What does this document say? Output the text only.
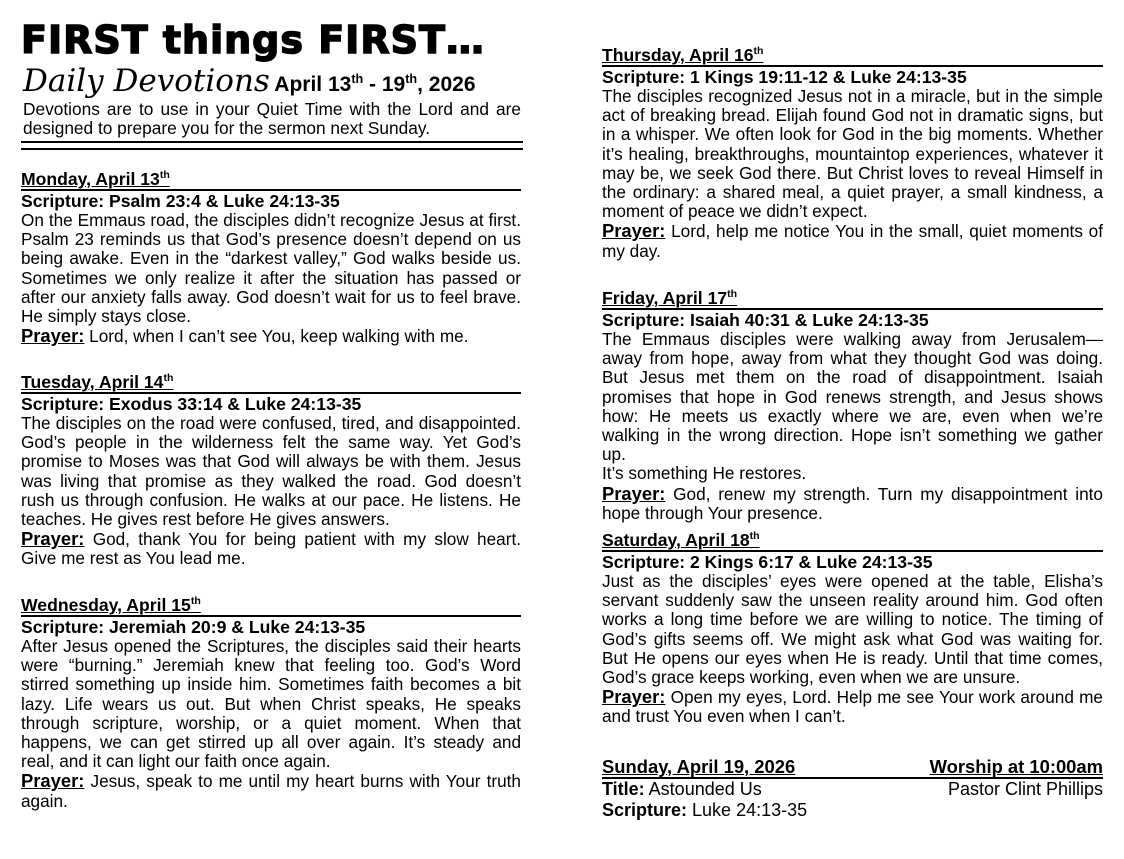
FIRST things FIRST…
Daily Devotions April 13th - 19th, 2026
Devotions are to use in your Quiet Time with the Lord and are designed to prepare you for the sermon next Sunday.
Monday, April 13th
Scripture: Psalm 23:4 & Luke 24:13-35
On the Emmaus road, the disciples didn’t recognize Jesus at first. Psalm 23 reminds us that God’s presence doesn’t depend on us being awake. Even in the “darkest valley,” God walks beside us. Sometimes we only realize it after the situation has passed or after our anxiety falls away. God doesn’t wait for us to feel brave. He simply stays close.
Prayer: Lord, when I can’t see You, keep walking with me.
Tuesday, April 14th
Scripture: Exodus 33:14 & Luke 24:13-35
The disciples on the road were confused, tired, and disappointed. God’s people in the wilderness felt the same way. Yet God’s promise to Moses was that God will always be with them. Jesus was living that promise as they walked the road. God doesn’t rush us through confusion. He walks at our pace. He listens. He teaches. He gives rest before He gives answers.
Prayer: God, thank You for being patient with my slow heart. Give me rest as You lead me.
Wednesday, April 15th
Scripture: Jeremiah 20:9 & Luke 24:13-35
After Jesus opened the Scriptures, the disciples said their hearts were “burning.” Jeremiah knew that feeling too. God’s Word stirred something up inside him. Sometimes faith becomes a bit lazy. Life wears us out. But when Christ speaks, He speaks through scripture, worship, or a quiet moment. When that happens, we can get stirred up all over again. It’s steady and real, and it can light our faith once again.
Prayer: Jesus, speak to me until my heart burns with Your truth again.
Thursday, April 16th
Scripture: 1 Kings 19:11-12 & Luke 24:13-35
The disciples recognized Jesus not in a miracle, but in the simple act of breaking bread. Elijah found God not in dramatic signs, but in a whisper. We often look for God in the big moments. Whether it’s healing, breakthroughs, mountaintop experiences, whatever it may be, we seek God there. But Christ loves to reveal Himself in the ordinary: a shared meal, a quiet prayer, a small kindness, a moment of peace we didn’t expect.
Prayer: Lord, help me notice You in the small, quiet moments of my day.
Friday, April 17th
Scripture: Isaiah 40:31 & Luke 24:13-35
The Emmaus disciples were walking away from Jerusalem—away from hope, away from what they thought God was doing. But Jesus met them on the road of disappointment. Isaiah promises that hope in God renews strength, and Jesus shows how: He meets us exactly where we are, even when we’re walking in the wrong direction. Hope isn’t something we gather up.
It’s something He restores.
Prayer: God, renew my strength. Turn my disappointment into hope through Your presence.
Saturday, April 18th
Scripture: 2 Kings 6:17 & Luke 24:13-35
Just as the disciples’ eyes were opened at the table, Elisha’s servant suddenly saw the unseen reality around him. God often works a long time before we are willing to notice. The timing of God’s gifts seems off. We might ask what God was waiting for. But He opens our eyes when He is ready. Until that time comes, God’s grace keeps working, even when we are unsure.
Prayer: Open my eyes, Lord. Help me see Your work around me and trust You even when I can’t.
Sunday, April 19, 2026	Worship at 10:00am
Title: Astounded Us	Pastor Clint Phillips
Scripture: Luke 24:13-35
